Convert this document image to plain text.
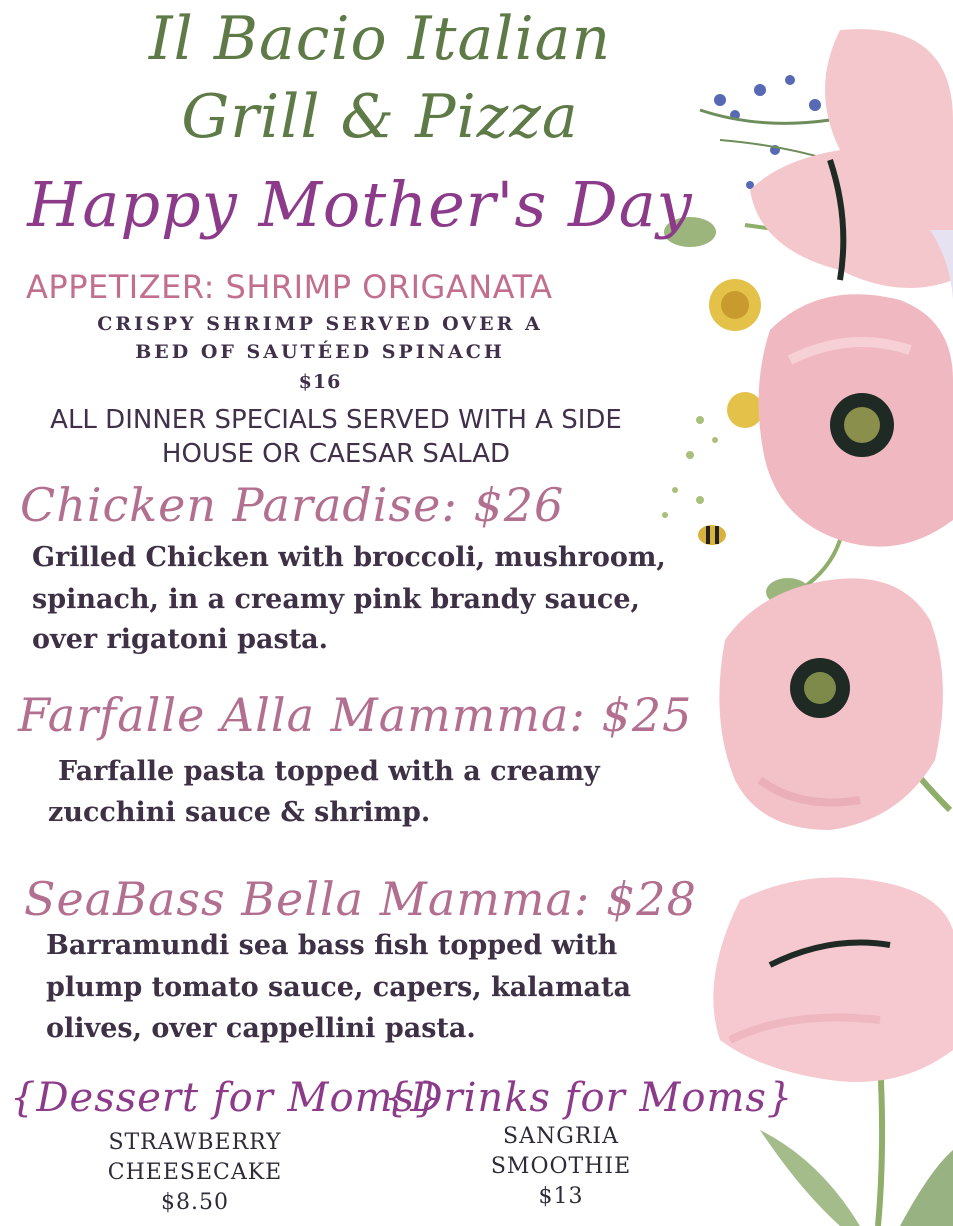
Il Bacio Italian
Grill & Pizza
Happy Mother's Day
APPETIZER: SHRIMP ORIGANATA
CRISPY SHRIMP SERVED OVER A
BED OF SAUTÉED SPINACH
$16
ALL DINNER SPECIALS SERVED WITH A SIDE
HOUSE OR CAESAR SALAD
Chicken Paradise: $26
Grilled Chicken with broccoli, mushroom,
spinach, in a creamy pink brandy sauce,
over rigatoni pasta.
Farfalle Alla Mammma: $25
Farfalle pasta topped with a creamy
zucchini sauce & shrimp.
SeaBass Bella Mamma: $28
Barramundi sea bass fish topped with
plump tomato sauce, capers, kalamata
olives, over cappellini pasta.
{Dessert for Moms}
{Drinks for Moms}
STRAWBERRY
CHEESECAKE
$8.50
SANGRIA
SMOOTHIE
$13
